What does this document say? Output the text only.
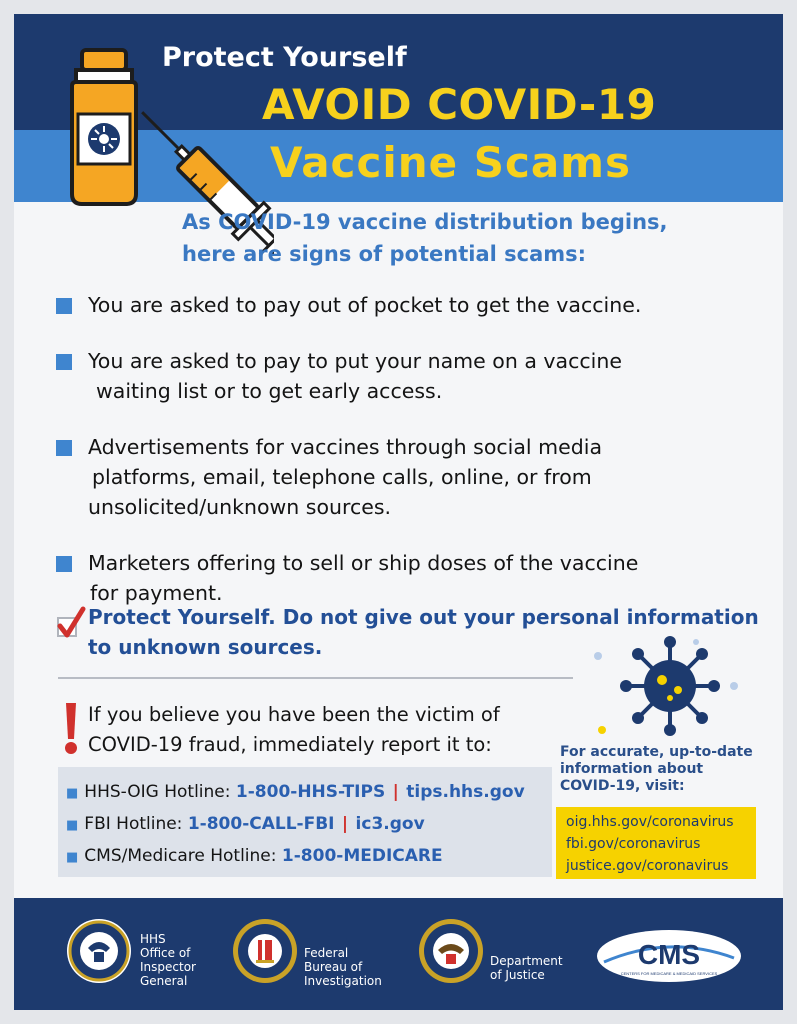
Protect Yourself
AVOID COVID-19
Vaccine Scams
As COVID-19 vaccine distribution begins,
here are signs of potential scams:
You are asked to pay out of pocket to get the vaccine.
You are asked to pay to put your name on a vaccine
waiting list or to get early access.
Advertisements for vaccines through social media
platforms, email, telephone calls, online, or from
unsolicited/unknown sources.
Marketers offering to sell or ship doses of the vaccine
for payment.
Protect Yourself. Do not give out your personal information
to unknown sources.
If you believe you have been the victim of
COVID-19 fraud, immediately report it to:
■ HHS-OIG Hotline: 1-800-HHS-TIPS | tips.hhs.gov
■ FBI Hotline: 1-800-CALL-FBI | ic3.gov
■ CMS/Medicare Hotline: 1-800-MEDICARE
For accurate, up-to-date
information about
COVID-19, visit:
oig.hhs.gov/coronavirus
fbi.gov/coronavirus
justice.gov/coronavirus
HHS
Office of
Inspector
General
Federal
Bureau of
Investigation
Department
of Justice
CMS
CENTERS FOR MEDICARE & MEDICAID SERVICES
